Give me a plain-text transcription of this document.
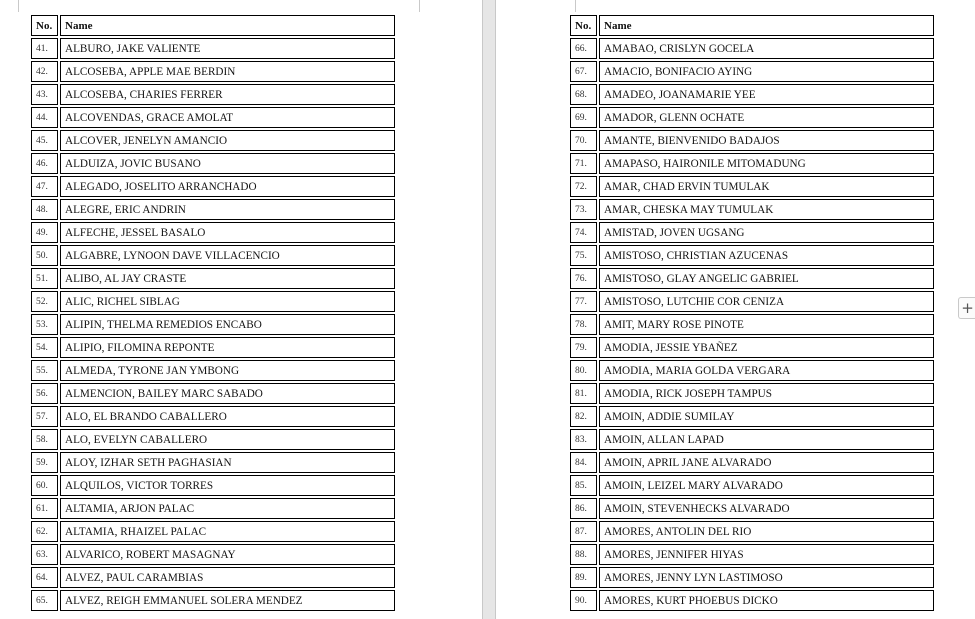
No.	Name
41.	ALBURO, JAKE VALIENTE
42.	ALCOSEBA, APPLE MAE BERDIN
43.	ALCOSEBA, CHARIES FERRER
44.	ALCOVENDAS, GRACE AMOLAT
45.	ALCOVER, JENELYN AMANCIO
46.	ALDUIZA, JOVIC BUSANO
47.	ALEGADO, JOSELITO ARRANCHADO
48.	ALEGRE, ERIC ANDRIN
49.	ALFECHE, JESSEL BASALO
50.	ALGABRE, LYNOON DAVE VILLACENCIO
51.	ALIBO, AL JAY CRASTE
52.	ALIC, RICHEL SIBLAG
53.	ALIPIN, THELMA REMEDIOS ENCABO
54.	ALIPIO, FILOMINA REPONTE
55.	ALMEDA, TYRONE JAN YMBONG
56.	ALMENCION, BAILEY MARC SABADO
57.	ALO, EL BRANDO CABALLERO
58.	ALO, EVELYN CABALLERO
59.	ALOY, IZHAR SETH PAGHASIAN
60.	ALQUILOS, VICTOR TORRES
61.	ALTAMIA, ARJON PALAC
62.	ALTAMIA, RHAIZEL PALAC
63.	ALVARICO, ROBERT MASAGNAY
64.	ALVEZ, PAUL CARAMBIAS
65.	ALVEZ, REIGH EMMANUEL SOLERA MENDEZ
No.	Name
66.	AMABAO, CRISLYN GOCELA
67.	AMACIO, BONIFACIO AYING
68.	AMADEO, JOANAMARIE YEE
69.	AMADOR, GLENN OCHATE
70.	AMANTE, BIENVENIDO BADAJOS
71.	AMAPASO, HAIRONILE MITOMADUNG
72.	AMAR, CHAD ERVIN TUMULAK
73.	AMAR, CHESKA MAY TUMULAK
74.	AMISTAD, JOVEN UGSANG
75.	AMISTOSO, CHRISTIAN AZUCENAS
76.	AMISTOSO, GLAY ANGELIC GABRIEL
77.	AMISTOSO, LUTCHIE COR CENIZA
78.	AMIT, MARY ROSE PINOTE
79.	AMODIA, JESSIE YBAÑEZ
80.	AMODIA, MARIA GOLDA VERGARA
81.	AMODIA, RICK JOSEPH TAMPUS
82.	AMOIN, ADDIE SUMILAY
83.	AMOIN, ALLAN LAPAD
84.	AMOIN, APRIL JANE ALVARADO
85.	AMOIN, LEIZEL MARY ALVARADO
86.	AMOIN, STEVENHECKS ALVARADO
87.	AMORES, ANTOLIN DEL RIO
88.	AMORES, JENNIFER HIYAS
89.	AMORES, JENNY LYN LASTIMOSO
90.	AMORES, KURT PHOEBUS DICKO
+
